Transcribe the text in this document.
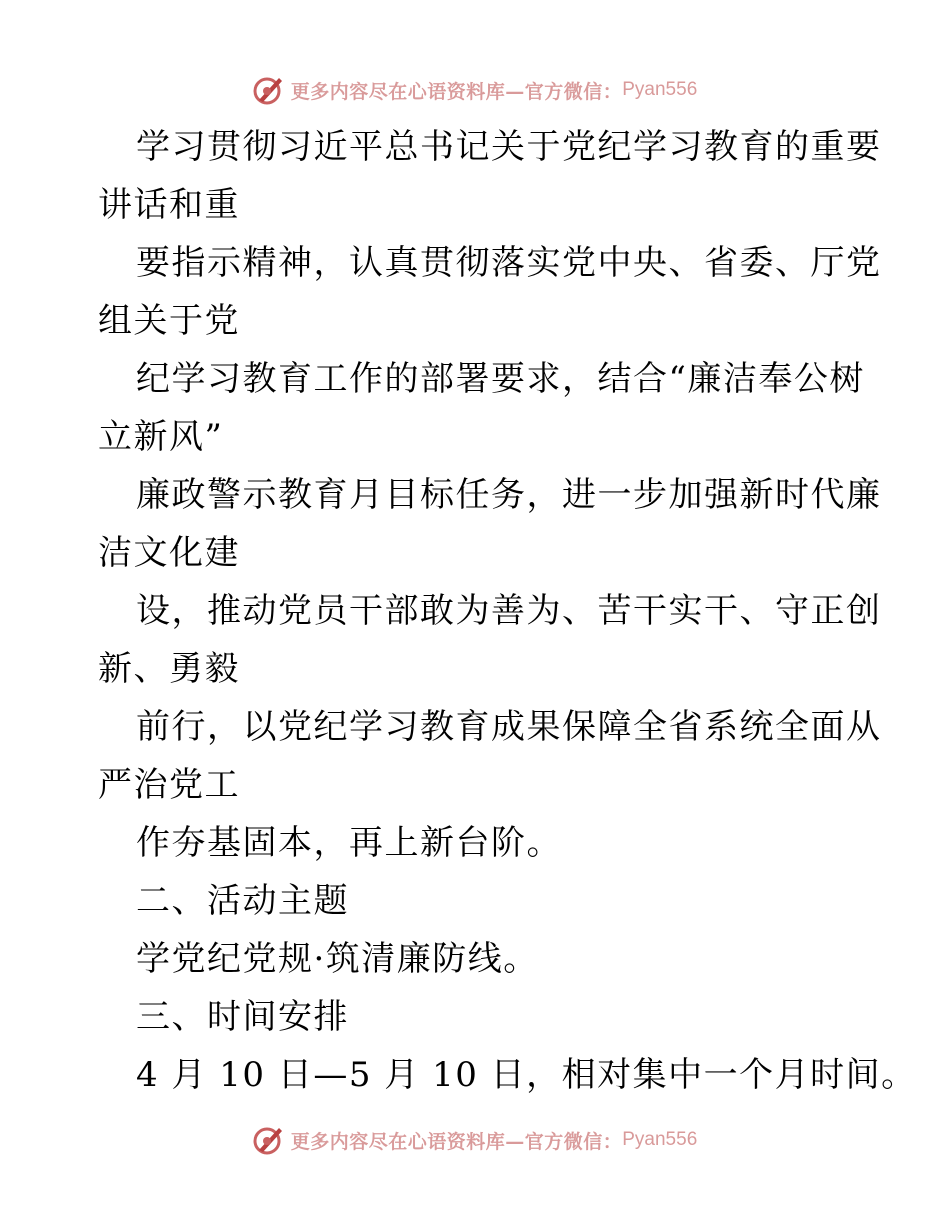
更多内容尽在心语资料库—官方微信： Pyan556
学习贯彻习近平总书记关于党纪学习教育的重要
讲话和重
要指示精神，认真贯彻落实党中央、省委、厅党
组关于党
纪学习教育工作的部署要求，结合“廉洁奉公树
立新风”
廉政警示教育月目标任务，进一步加强新时代廉
洁文化建
设，推动党员干部敢为善为、苦干实干、守正创
新、勇毅
前行，以党纪学习教育成果保障全省系统全面从
严治党工
作夯基固本，再上新台阶。
二、活动主题
学党纪党规·筑清廉防线。
三、时间安排
4 月 10 日—5 月 10 日，相对集中一个月时间。
更多内容尽在心语资料库—官方微信： Pyan556
